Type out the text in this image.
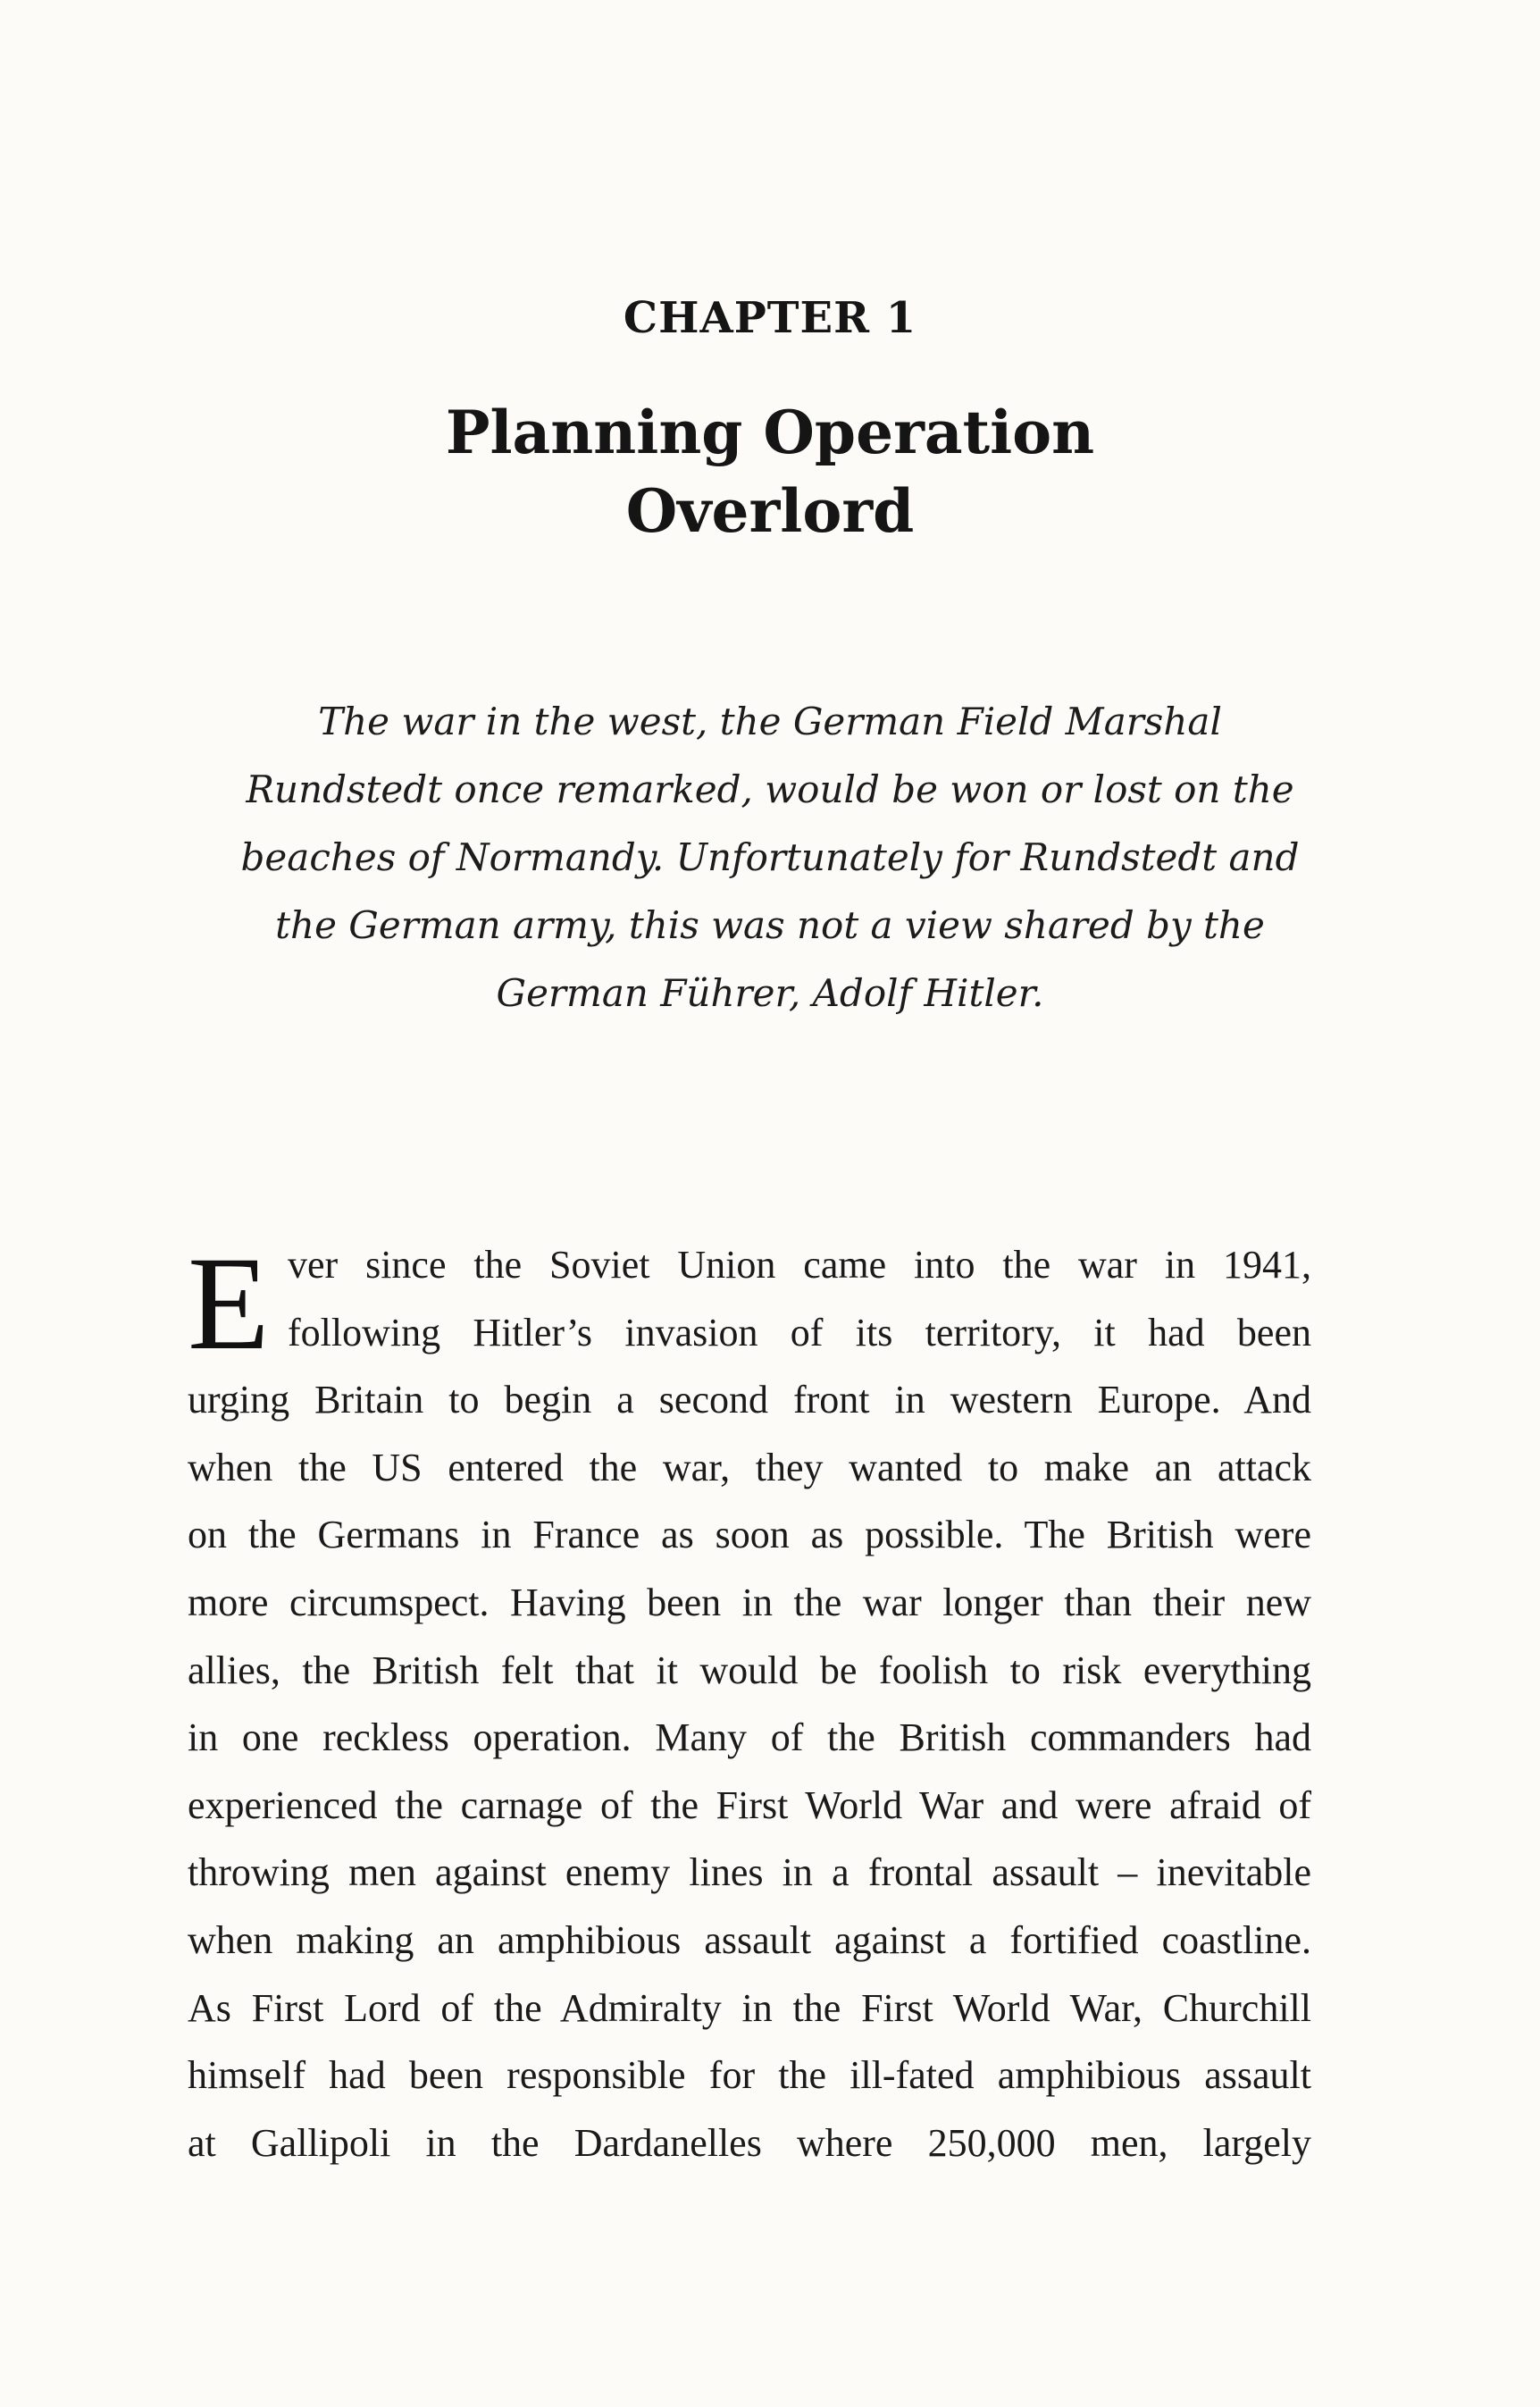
CHAPTER 1
Planning Operation
Overlord
The war in the west, the German Field Marshal
Rundstedt once remarked, would be won or lost on the
beaches of Normandy. Unfortunately for Rundstedt and
the German army, this was not a view shared by the
German Führer, Adolf Hitler.
E ver since the Soviet Union came into the war in 1941,
following Hitler’s invasion of its territory, it had been
urging Britain to begin a second front in western Europe. And
when the US entered the war, they wanted to make an attack
on the Germans in France as soon as possible. The British were
more circumspect. Having been in the war longer than their new
allies, the British felt that it would be foolish to risk everything
in one reckless operation. Many of the British commanders had
experienced the carnage of the First World War and were afraid of
throwing men against enemy lines in a frontal assault – inevitable
when making an amphibious assault against a fortified coastline.
As First Lord of the Admiralty in the First World War, Churchill
himself had been responsible for the ill-fated amphibious assault
at Gallipoli in the Dardanelles where 250,000 men, largely
